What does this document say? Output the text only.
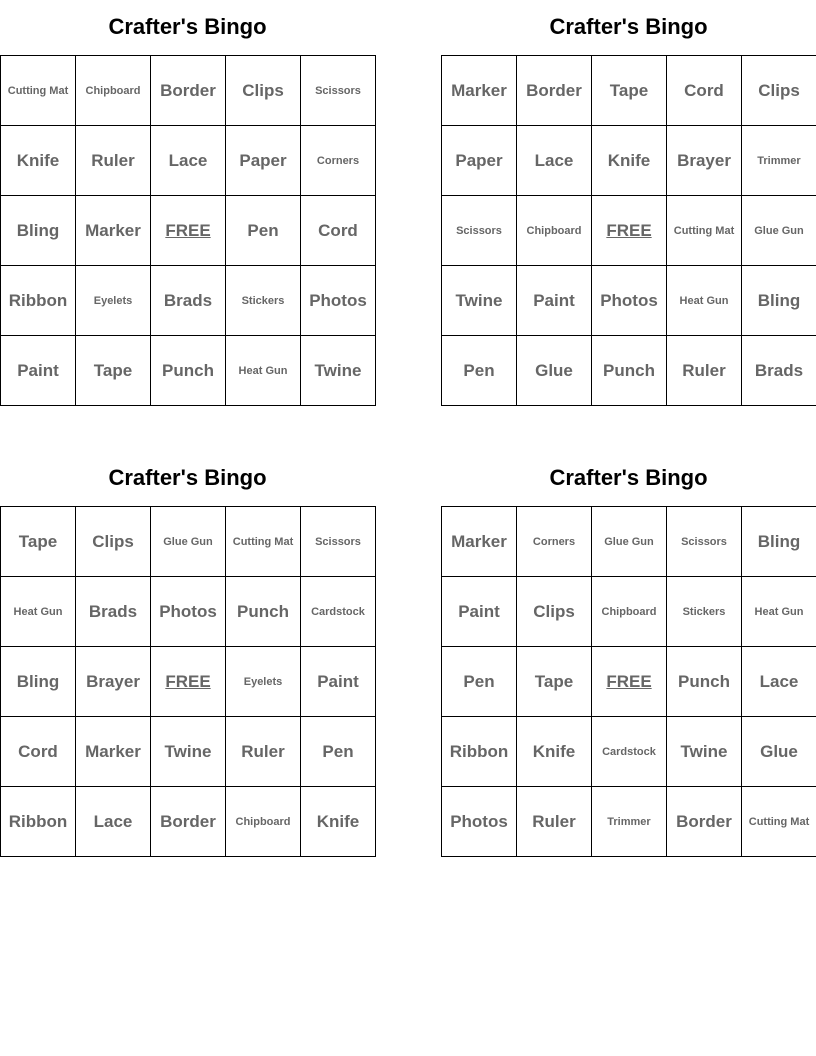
Crafter's Bingo
Cutting Mat	Chipboard	Border	Clips	Scissors
Knife	Ruler	Lace	Paper	Corners
Bling	Marker	FREE	Pen	Cord
Ribbon	Eyelets	Brads	Stickers	Photos
Paint	Tape	Punch	Heat Gun	Twine
Crafter's Bingo
Marker	Border	Tape	Cord	Clips
Paper	Lace	Knife	Brayer	Trimmer
Scissors	Chipboard	FREE	Cutting Mat	Glue Gun
Twine	Paint	Photos	Heat Gun	Bling
Pen	Glue	Punch	Ruler	Brads
Crafter's Bingo
Tape	Clips	Glue Gun	Cutting Mat	Scissors
Heat Gun	Brads	Photos	Punch	Cardstock
Bling	Brayer	FREE	Eyelets	Paint
Cord	Marker	Twine	Ruler	Pen
Ribbon	Lace	Border	Chipboard	Knife
Crafter's Bingo
Marker	Corners	Glue Gun	Scissors	Bling
Paint	Clips	Chipboard	Stickers	Heat Gun
Pen	Tape	FREE	Punch	Lace
Ribbon	Knife	Cardstock	Twine	Glue
Photos	Ruler	Trimmer	Border	Cutting Mat
